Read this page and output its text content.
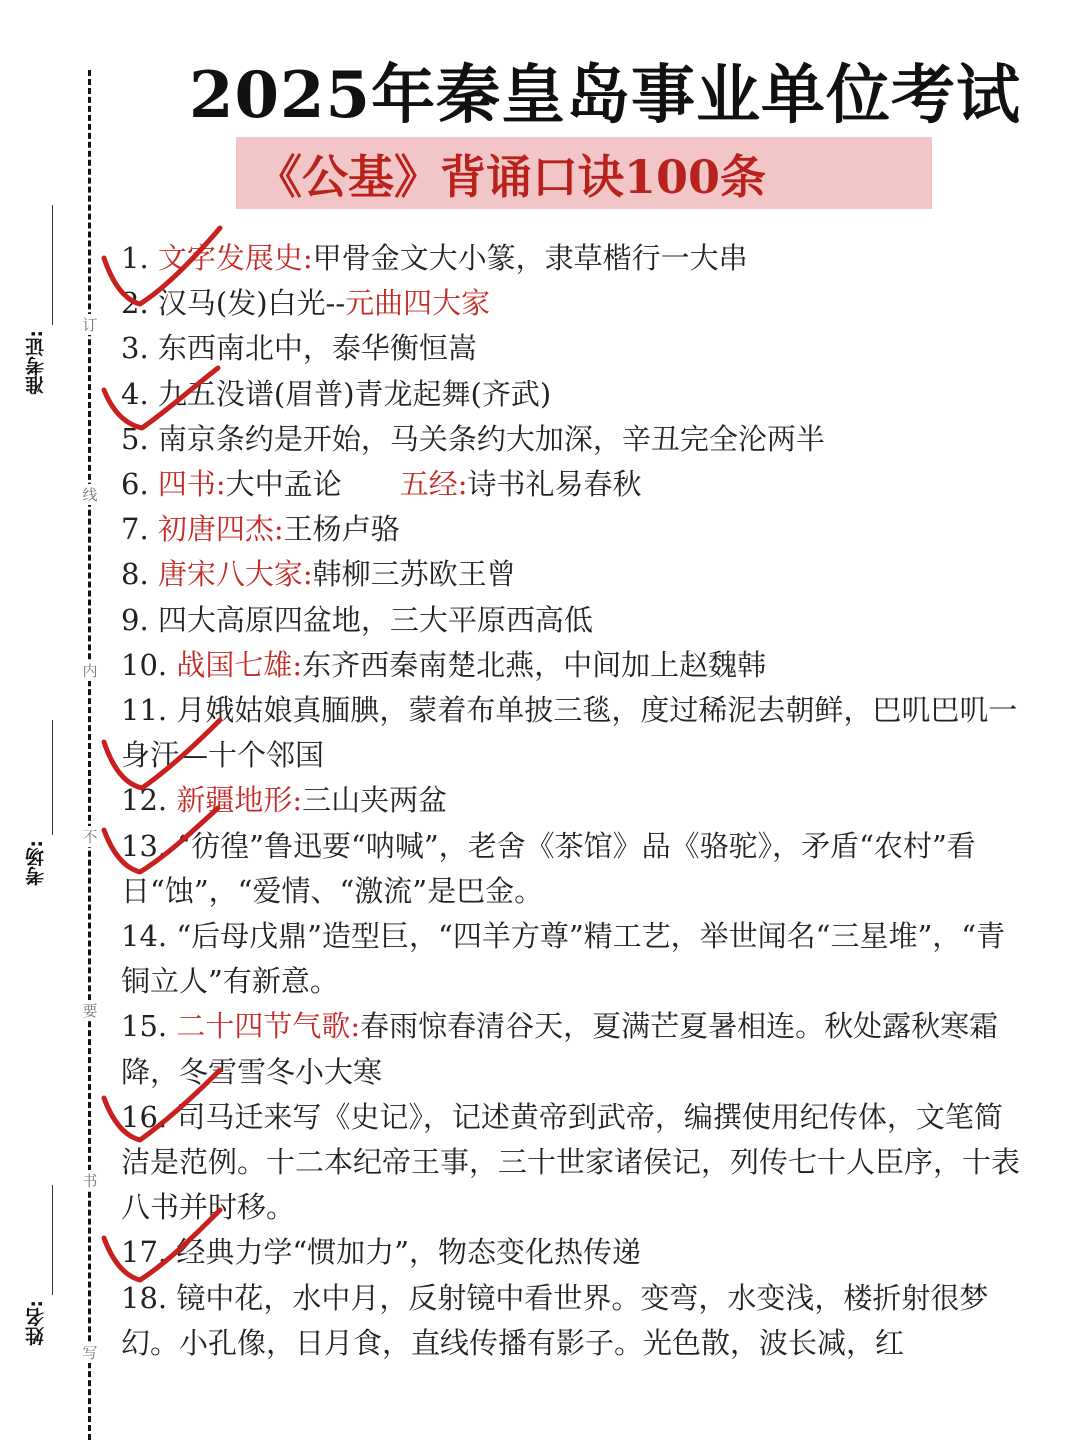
准考证:
考场:
姓名:
订
线
内
不
要
书
写
2025年秦皇岛事业单位考试
《公基》背诵口诀100条
1. 文字发展史:甲骨金文大小篆，隶草楷行一大串
2. 汉马(发)白光--元曲四大家
3. 东西南北中，泰华衡恒嵩
4. 九五没谱(眉普)青龙起舞(齐武)
5. 南京条约是开始，马关条约大加深，辛丑完全沦两半
6. 四书:大中孟论　　五经:诗书礼易春秋
7. 初唐四杰:王杨卢骆
8. 唐宋八大家:韩柳三苏欧王曾
9. 四大高原四盆地，三大平原西高低
10. 战国七雄:东齐西秦南楚北燕，中间加上赵魏韩
11. 月娥姑娘真腼腆，蒙着布单披三毯，度过稀泥去朝鲜，巴叽巴叽一身汗—十个邻国
12. 新疆地形:三山夹两盆
13. “彷徨”鲁迅要“呐喊”，老舍《茶馆》品《骆驼》，矛盾“农村”看日“蚀”，“爱情、“激流”是巴金。
14. “后母戊鼎”造型巨，“四羊方尊”精工艺，举世闻名“三星堆”，“青铜立人”有新意。
15. 二十四节气歌:春雨惊春清谷天，夏满芒夏暑相连。秋处露秋寒霜降，冬雪雪冬小大寒
16. 司马迁来写《史记》，记述黄帝到武帝，编撰使用纪传体，文笔简洁是范例。十二本纪帝王事，三十世家诸侯记，列传七十人臣序，十表八书并时移。
17. 经典力学“惯加力”，物态变化热传递
18. 镜中花，水中月，反射镜中看世界。变弯，水变浅，楼折射很梦幻。小孔像，日月食，直线传播有影子。光色散，波长减，红
